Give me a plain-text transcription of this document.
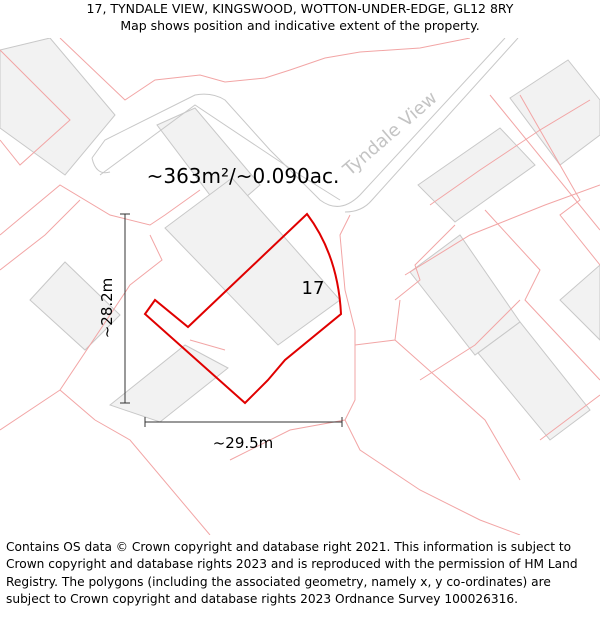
17, TYNDALE VIEW, KINGSWOOD, WOTTON-UNDER-EDGE, GL12 8RY
Map shows position and indicative extent of the property.
Tyndale View
~363m²/~0.090ac.
17
~28.2m
~29.5m
Contains OS data © Crown copyright and database right 2021. This information is subject to Crown copyright and database rights 2023 and is reproduced with the permission of HM Land Registry. The polygons (including the associated geometry, namely x, y co-ordinates) are subject to Crown copyright and database rights 2023 Ordnance Survey 100026316.
